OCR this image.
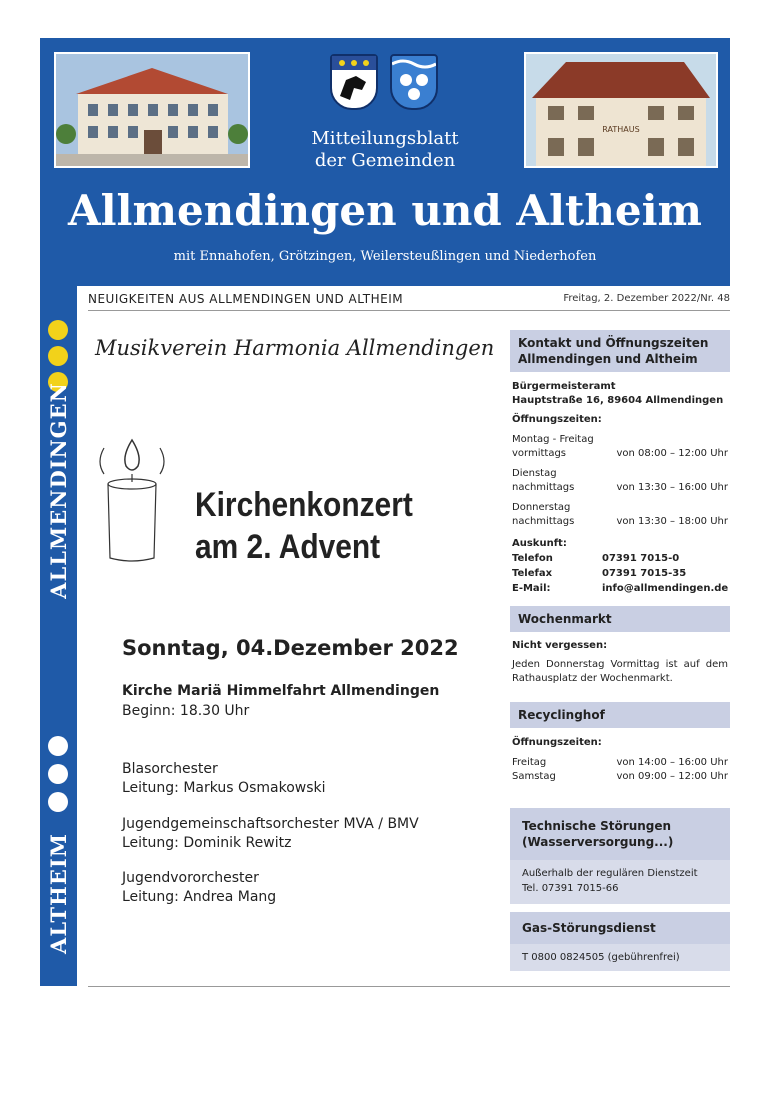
RATHAUS
Mitteilungsblatt
der Gemeinden
Allmendingen und Altheim
mit Ennahofen, Grötzingen, Weilersteußlingen und Niederhofen
ALLMENDINGEN
ALTHEIM
NEUIGKEITEN AUS ALLMENDINGEN UND ALTHEIM	Freitag, 2. Dezember 2022/Nr. 48
Musikverein Harmonia Allmendingen
Kirchenkonzert
am 2. Advent
Sonntag, 04.Dezember 2022
Kirche Mariä Himmelfahrt Allmendingen
Beginn: 18.30 Uhr
Blasorchester
Leitung: Markus Osmakowski
Jugendgemeinschaftsorchester MVA / BMV
Leitung: Dominik Rewitz
Jugendvororchester
Leitung: Andrea Mang
Kontakt und Öffnungszeiten Allmendingen und Altheim
Bürgermeisteramt
Hauptstraße 16, 89604 Allmendingen
Öffnungszeiten:
Montag - Freitag
vormittags	von 08:00 – 12:00 Uhr
Dienstag
nachmittags	von 13:30 – 16:00 Uhr
Donnerstag
nachmittags	von 13:30 – 18:00 Uhr
Auskunft:
Telefon	07391 7015-0
Telefax	07391 7015-35
E-Mail:	info@allmendingen.de
Wochenmarkt
Nicht vergessen:
Jeden Donnerstag Vormittag ist auf dem Rathausplatz der Wochenmarkt.
Recyclinghof
Öffnungszeiten:
Freitag	von 14:00 – 16:00 Uhr
Samstag	von 09:00 – 12:00 Uhr
Technische Störungen
(Wasserversorgung...)
Außerhalb der regulären Dienstzeit
Tel. 07391 7015-66
Gas-Störungsdienst
T 0800 0824505 (gebührenfrei)
